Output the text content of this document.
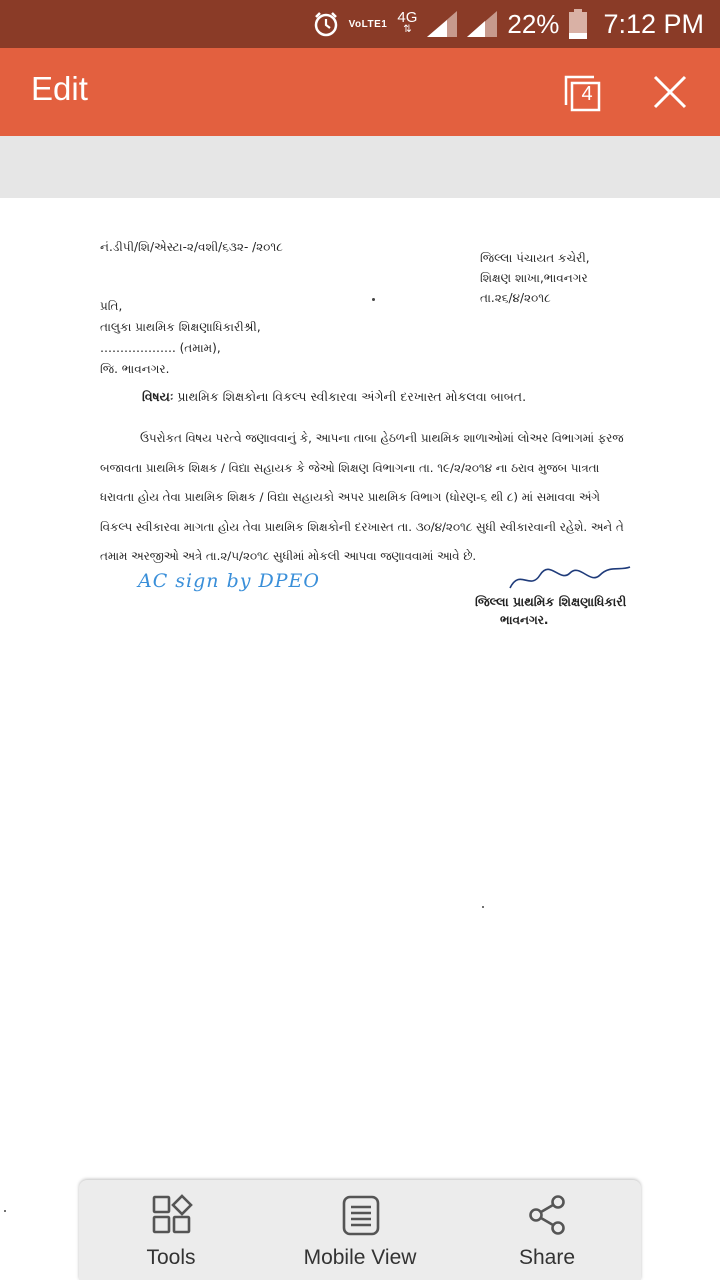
VoLTE1 4G
⇅	22% 7:12 PM
Edit	4
નં.ડીપી/શિ/એસ્ટા-૨/વશી/૬૩૨- /૨૦૧૮
જિલ્લા પંચાયત કચેરી,
શિક્ષણ શાખા,ભાવનગર
તા.૨૬/૪/૨૦૧૮
પ્રતિ,
તાલુકા પ્રાથમિક શિક્ષણાધિકારીશ્રી,
………………. (તમામ),
જિ. ભાવનગર.
વિષયઃ પ્રાથમિક શિક્ષકોના વિકલ્પ સ્વીકારવા અંગેની દરખાસ્ત મોકલવા બાબત.

ઉપરોકત વિષય પરત્વે જણાવવાનું કે, આપના તાબા હેઠળની પ્રાથમિક શાળાઓમાં લોઅર વિભાગમાં ફરજ

બજાવતા પ્રાથમિક શિક્ષક / વિદ્યા સહાયક કે જેઓ શિક્ષણ વિભાગના તા. ૧૯/૨/૨૦૧૪ ના ઠરાવ મુજબ પાત્રતા

ધરાવતા હોય તેવા પ્રાથમિક શિક્ષક / વિદ્યા સહાયકો અપર પ્રાથમિક વિભાગ (ધોરણ-૬ થી ૮) માં સમાવવા અંગે

વિકલ્પ સ્વીકારવા માગતા હોય તેવા પ્રાથમિક શિક્ષકોની દરખાસ્ત તા. ૩૦/૪/૨૦૧૮ સુધી સ્વીકારવાની રહેશે. અને તે

તમામ અરજીઓ અત્રે તા.૨/૫/૨૦૧૮ સુધીમાં મોકલી આપવા જણાવવામાં આવે છે.

AC sign by DPEO
જિલ્લા પ્રાથમિક શિક્ષણાધિકારી
ભાવનગર.
Tools	Mobile View	Share
